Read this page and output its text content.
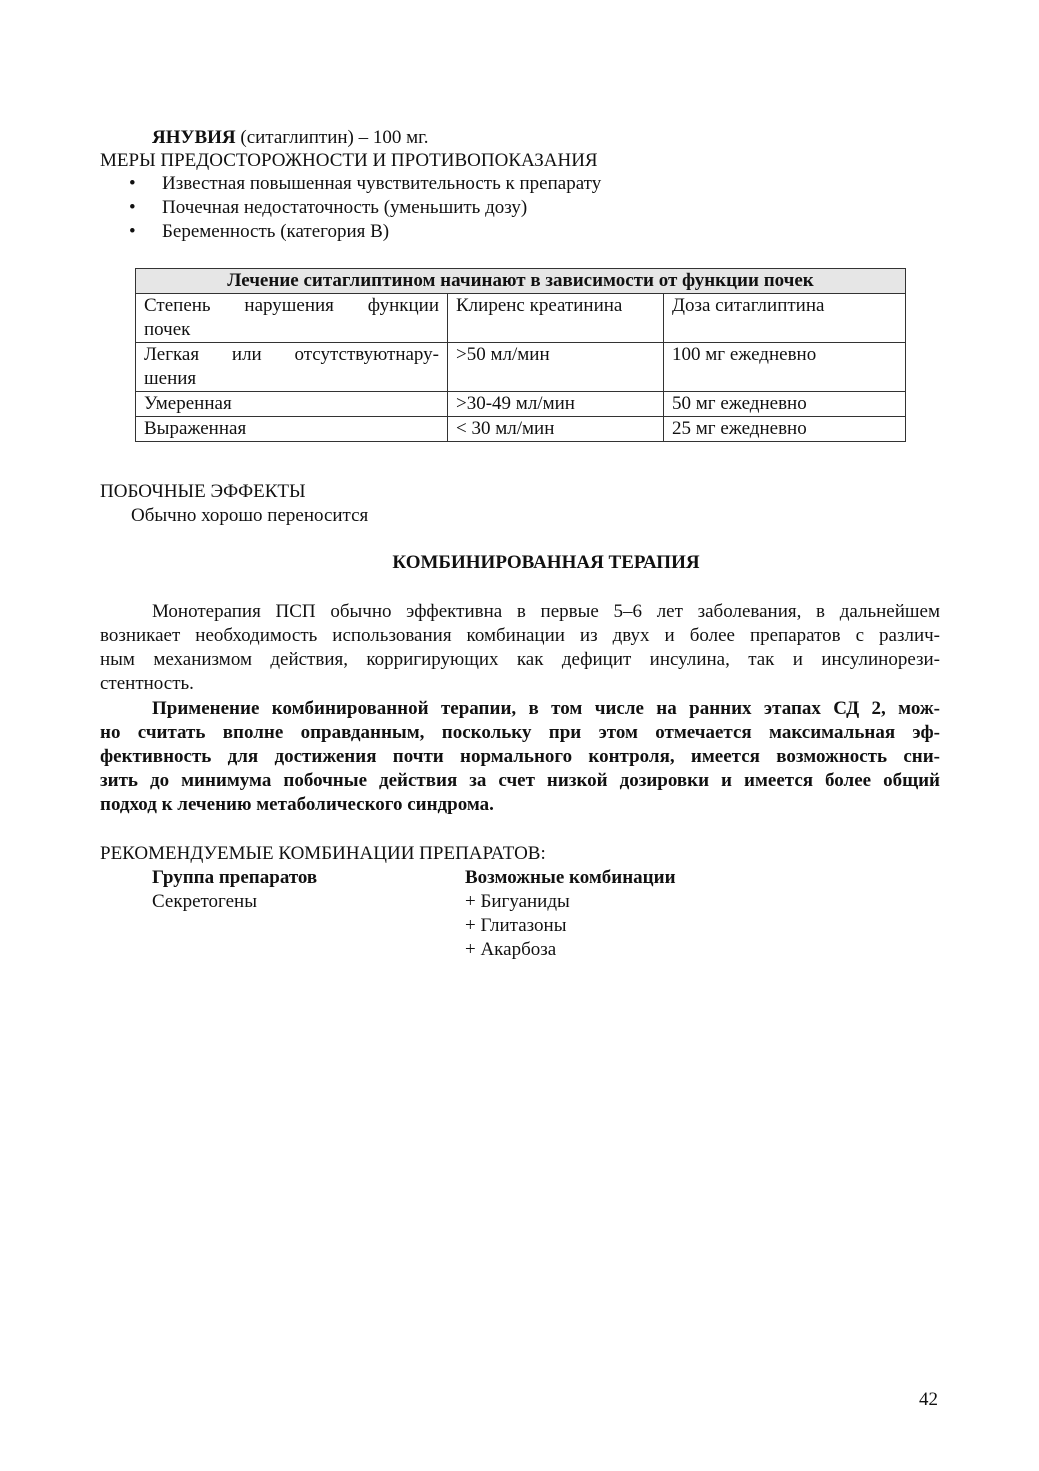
ЯНУВИЯ (ситаглиптин) – 100 мг.
МЕРЫ ПРЕДОСТОРОЖНОСТИ И ПРОТИВОПОКАЗАНИЯ
• Известная повышенная чувствительность к препарату
• Почечная недостаточность (уменьшить дозу)
• Беременность (категория В)
Лечение ситаглиптином начинают в зависимости от функции почек		

Степень нарушения функции
почек	Клиренс креатинина	Доза ситаглиптина

Легкая или отсутствуютнару-
шения	>50 мл/мин	100 мг ежедневно
Умеренная	>30-49 мл/мин	50 мг ежедневно
Выраженная	< 30 мл/мин	25 мг ежедневно
ПОБОЧНЫЕ ЭФФЕКТЫ
Обычно хорошо переносится
КОМБИНИРОВАННАЯ ТЕРАПИЯ
Монотерапия ПСП обычно эффективна в первые 5–6 лет заболевания, в дальнейшем
возникает необходимость использования комбинации из двух и более препаратов с различ-
ным механизмом действия, корригирующих как дефицит инсулина, так и инсулинорези-
стентность.
Применение комбинированной терапии, в том числе на ранних этапах СД 2, мож-
но считать вполне оправданным, поскольку при этом отмечается максимальная эф-
фективность для достижения почти нормального контроля, имеется возможность сни-
зить до минимума побочные действия за счет низкой дозировки и имеется более общий
подход к лечению метаболического синдрома.
РЕКОМЕНДУЕМЫЕ КОМБИНАЦИИ ПРЕПАРАТОВ:
Группа препаратов	Возможные комбинации
Секретогены	+ Бигуаниды
+ Глитазоны
+ Акарбоза
42
